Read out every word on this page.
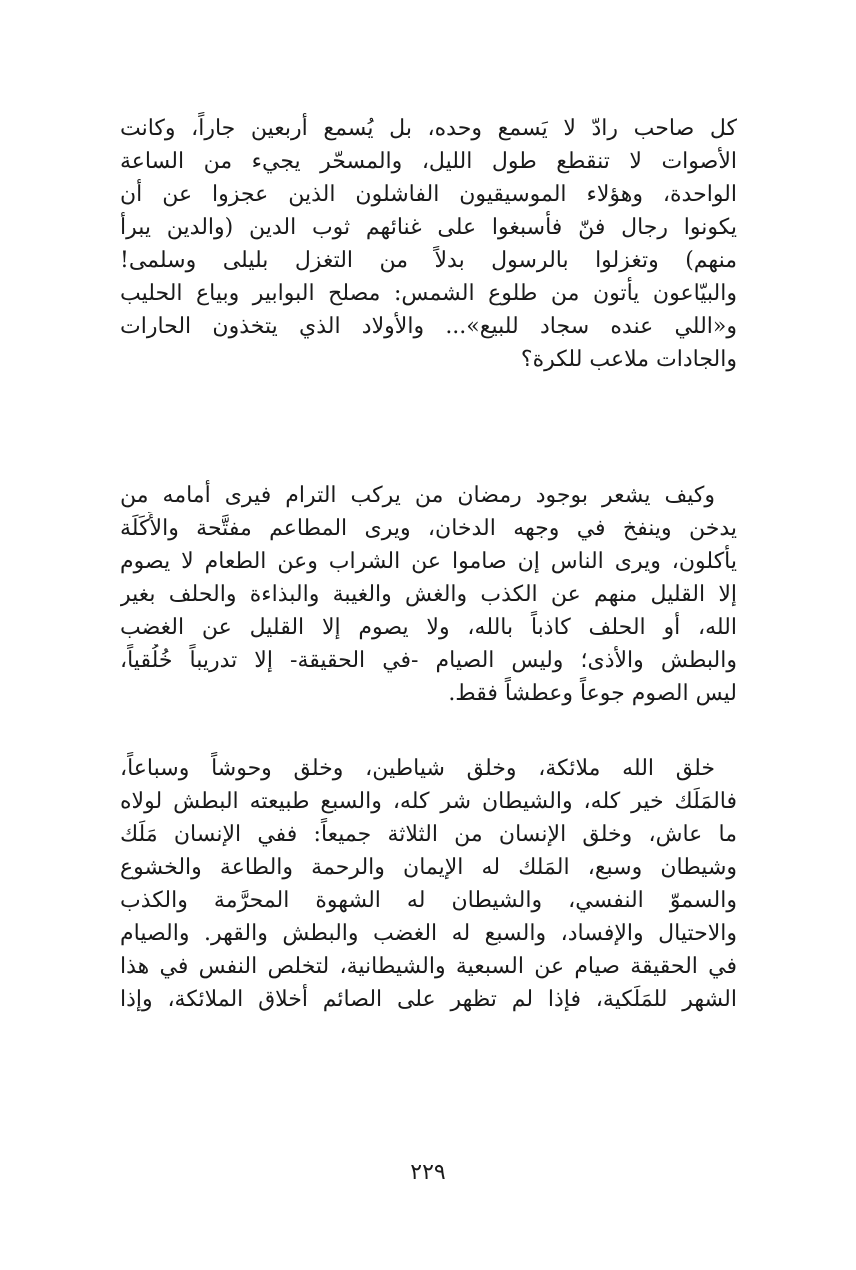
كل صاحب رادّ لا يَسمع وحده، بل يُسمع أربعين جاراً، وكانت
الأصوات لا تنقطع طول الليل، والمسحّر يجيء من الساعة
الواحدة، وهؤلاء الموسيقيون الفاشلون الذين عجزوا عن أن
يكونوا رجال فنّ فأسبغوا على غنائهم ثوب الدين (والدين يبرأ
منهم) وتغزلوا بالرسول بدلاً من التغزل بليلى وسلمى!
والبيّاعون يأتون من طلوع الشمس: مصلح البوابير وبياع الحليب
و«اللي عنده سجاد للبيع»... والأولاد الذي يتخذون الحارات
والجادات ملاعب للكرة؟
وكيف يشعر بوجود رمضان من يركب الترام فيرى أمامه من
يدخن وينفخ في وجهه الدخان، ويرى المطاعم مفتَّحة والأَكَلَة
يأكلون، ويرى الناس إن صاموا عن الشراب وعن الطعام لا يصوم
إلا القليل منهم عن الكذب والغش والغيبة والبذاءة والحلف بغير
الله، أو الحلف كاذباً بالله، ولا يصوم إلا القليل عن الغضب
والبطش والأذى؛ وليس الصيام -في الحقيقة- إلا تدريباً خُلُقياً،
ليس الصوم جوعاً وعطشاً فقط.
خلق الله ملائكة، وخلق شياطين، وخلق وحوشاً وسباعاً،
فالمَلَك خير كله، والشيطان شر كله، والسبع طبيعته البطش لولاه
ما عاش، وخلق الإنسان من الثلاثة جميعاً: ففي الإنسان مَلَك
وشيطان وسبع، المَلك له الإيمان والرحمة والطاعة والخشوع
والسموّ النفسي، والشيطان له الشهوة المحرَّمة والكذب
والاحتيال والإفساد، والسبع له الغضب والبطش والقهر. والصيام
في الحقيقة صيام عن السبعية والشيطانية، لتخلص النفس في هذا
الشهر للمَلَكية، فإذا لم تظهر على الصائم أخلاق الملائكة، وإذا
٢٢٩
